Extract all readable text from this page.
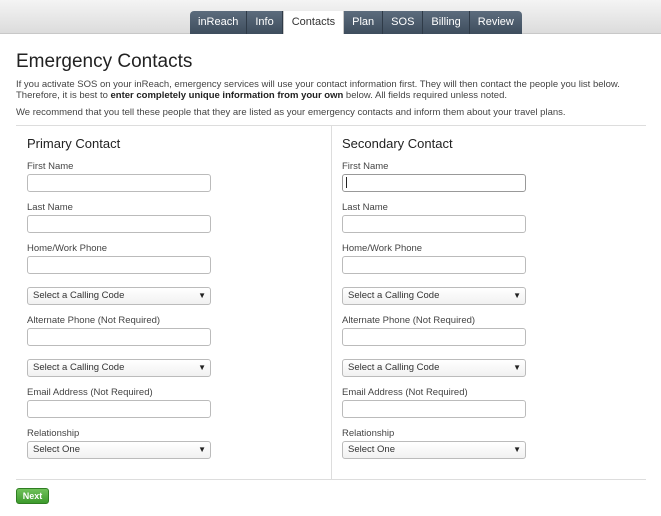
inReach	Info	Contacts	Plan	SOS	Billing	Review
Emergency Contacts

If you activate SOS on your inReach, emergency services will use your contact information first. They will then contact the people you list below. Therefore, it is best to enter completely unique information from your own below. All fields required unless noted.

We recommend that you tell these people that they are listed as your emergency contacts and inform them about your travel plans.

Primary Contact
First Name
Last Name
Home/Work Phone
Select a Calling Code	▼
Alternate Phone (Not Required)
Select a Calling Code	▼
Email Address (Not Required)
Relationship
Select One	▼
Secondary Contact
First Name
Last Name
Home/Work Phone
Select a Calling Code	▼
Alternate Phone (Not Required)
Select a Calling Code	▼
Email Address (Not Required)
Relationship
Select One	▼
Next
